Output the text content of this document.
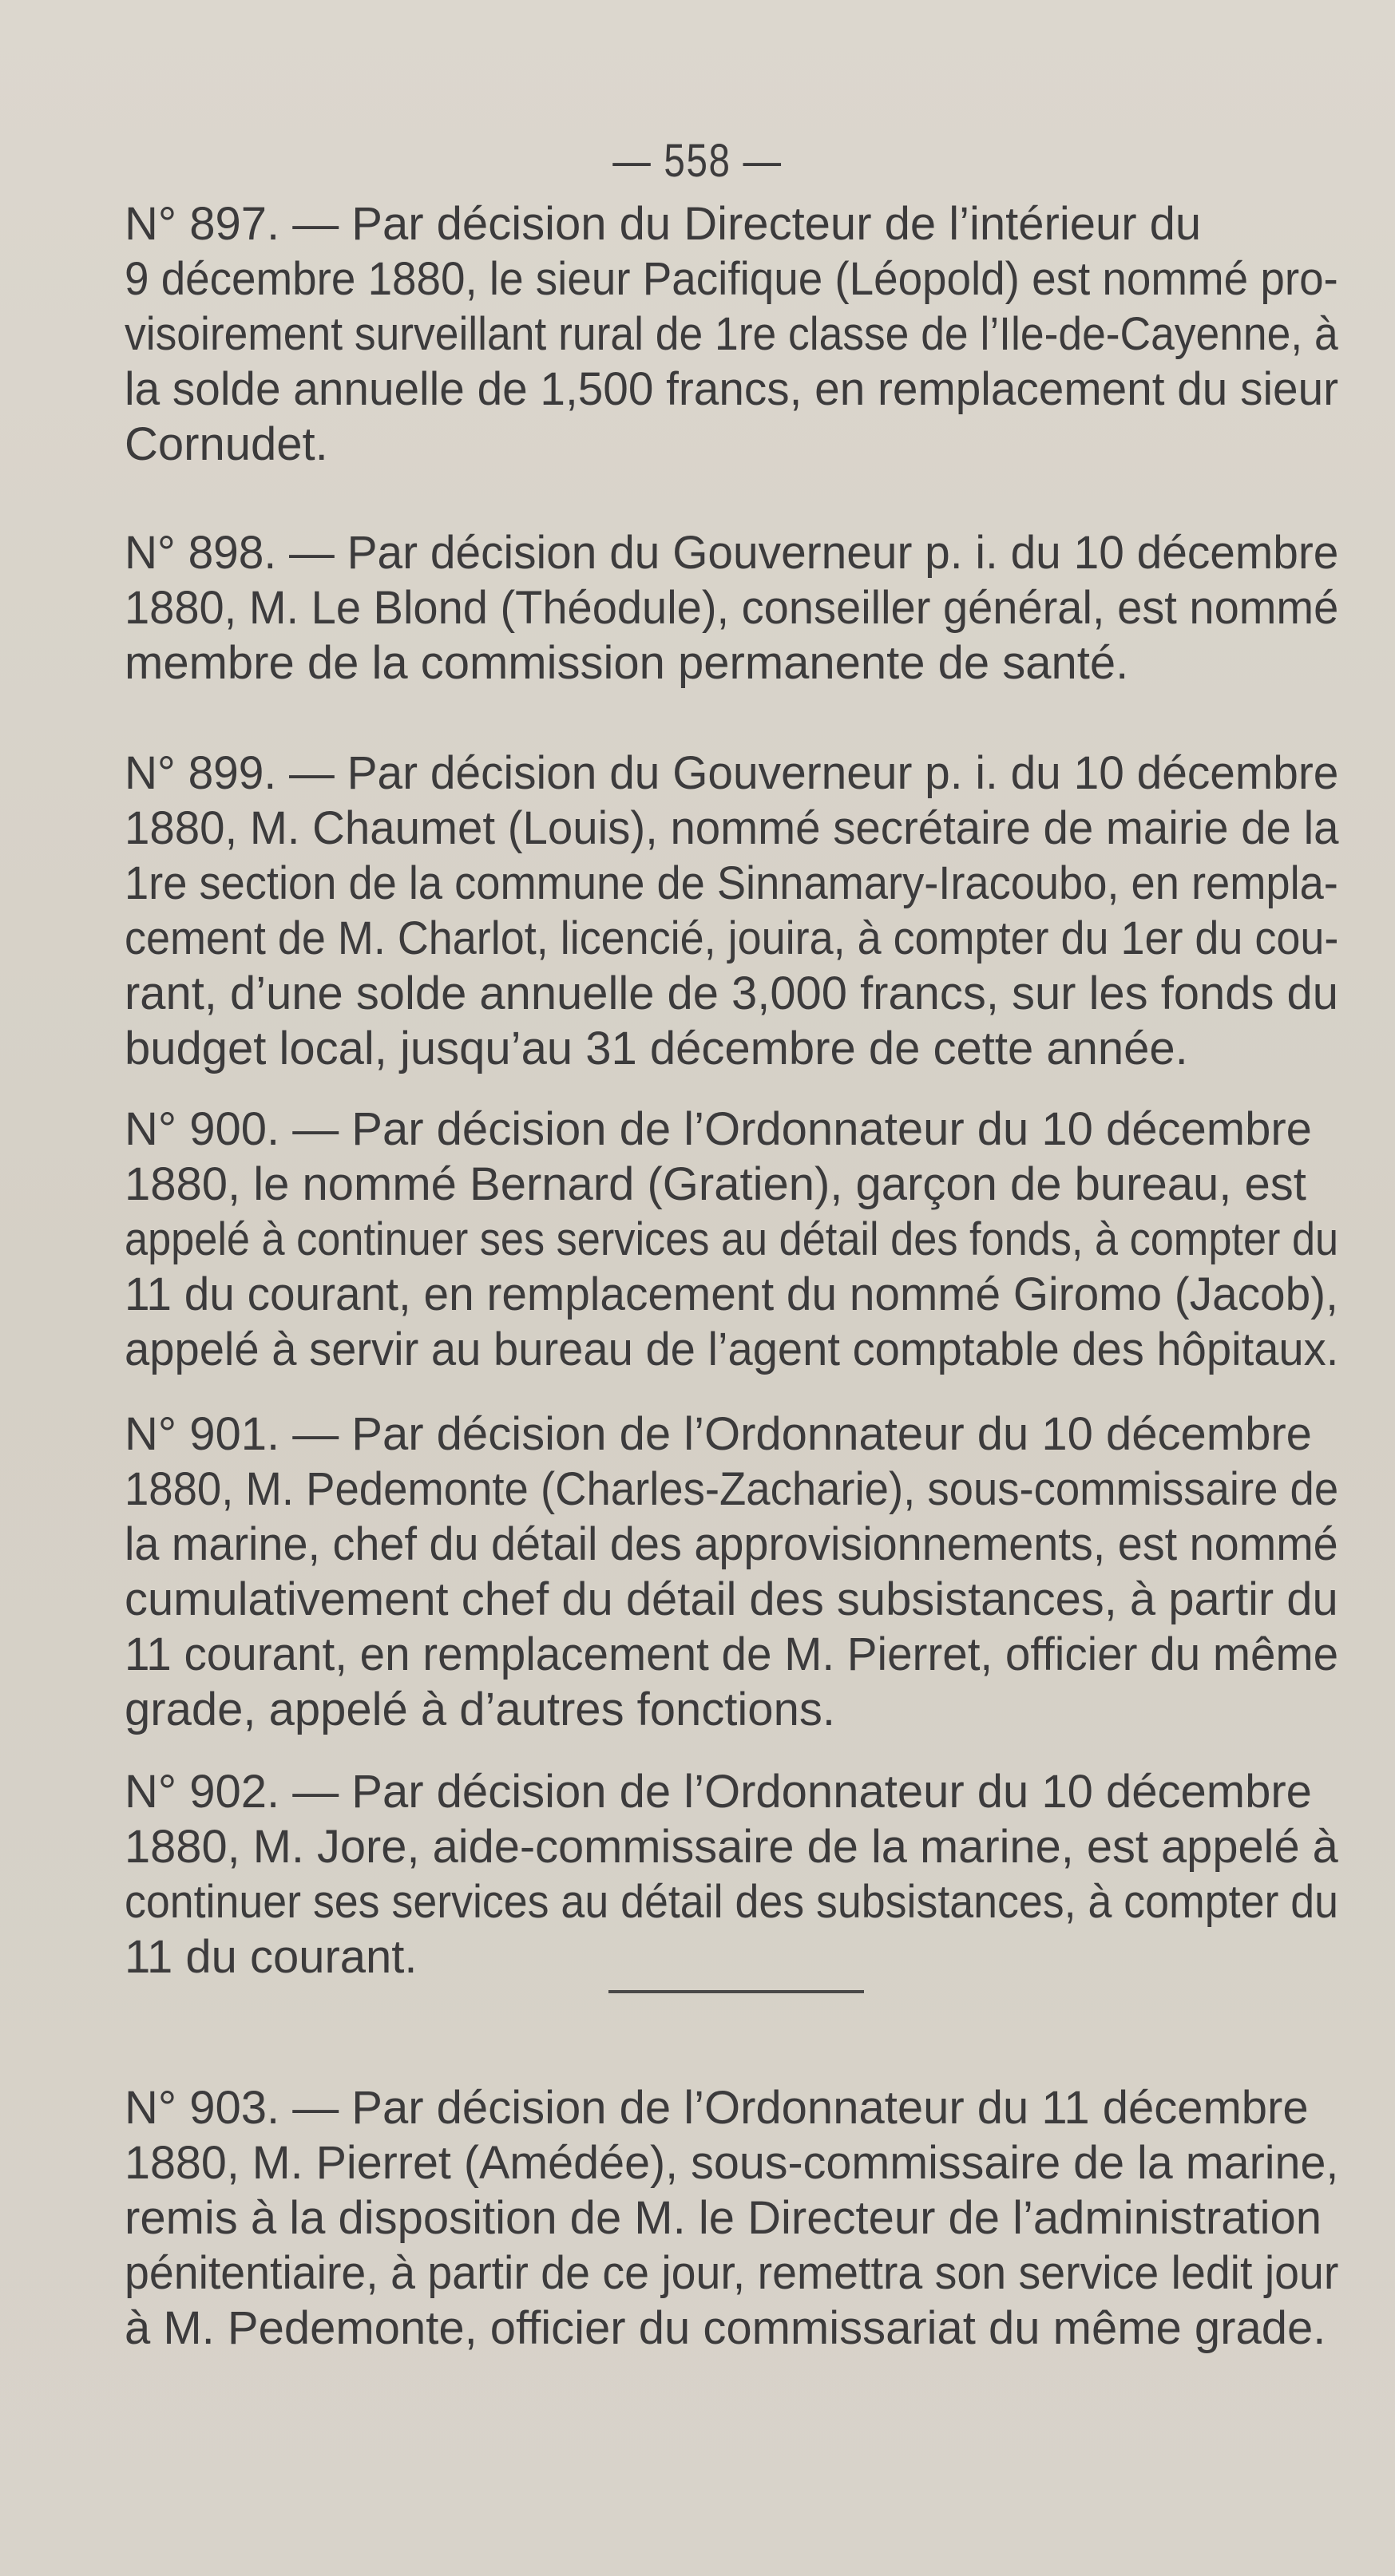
— 558 —
N° 897. — Par décision du Directeur de l’intérieur du
9 décembre 1880, le sieur Pacifique (Léopold) est nommé pro-
visoirement surveillant rural de 1re classe de l’Ile-de-Cayenne, à
la solde annuelle de 1,500 francs, en remplacement du sieur
Cornudet.
N° 898. — Par décision du Gouverneur p. i. du 10 décembre
1880, M. Le Blond (Théodule), conseiller général, est nommé
membre de la commission permanente de santé.
N° 899. — Par décision du Gouverneur p. i. du 10 décembre
1880, M. Chaumet (Louis), nommé secrétaire de mairie de la
1re section de la commune de Sinnamary-Iracoubo, en rempla-
cement de M. Charlot, licencié, jouira, à compter du 1er du cou-
rant, d’une solde annuelle de 3,000 francs, sur les fonds du
budget local, jusqu’au 31 décembre de cette année.
N° 900. — Par décision de l’Ordonnateur du 10 décembre
1880, le nommé Bernard (Gratien), garçon de bureau, est
appelé à continuer ses services au détail des fonds, à compter du
11 du courant, en remplacement du nommé Giromo (Jacob),
appelé à servir au bureau de l’agent comptable des hôpitaux.
N° 901. — Par décision de l’Ordonnateur du 10 décembre
1880, M. Pedemonte (Charles-Zacharie), sous-commissaire de
la marine, chef du détail des approvisionnements, est nommé
cumulativement chef du détail des subsistances, à partir du
11 courant, en remplacement de M. Pierret, officier du même
grade, appelé à d’autres fonctions.
N° 902. — Par décision de l’Ordonnateur du 10 décembre
1880, M. Jore, aide-commissaire de la marine, est appelé à
continuer ses services au détail des subsistances, à compter du
11 du courant.
N° 903. — Par décision de l’Ordonnateur du 11 décembre
1880, M. Pierret (Amédée), sous-commissaire de la marine,
remis à la disposition de M. le Directeur de l’administration
pénitentiaire, à partir de ce jour, remettra son service ledit jour
à M. Pedemonte, officier du commissariat du même grade.
